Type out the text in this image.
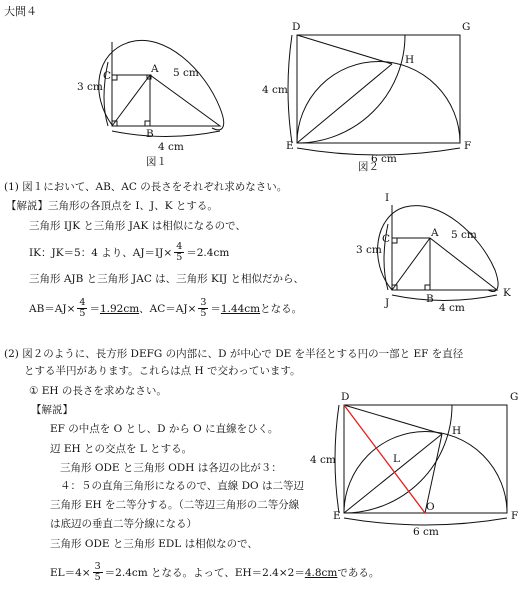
大問４
C
A
B
3 cm
5 cm
4 cm
図１
D	G
H
E	F
4 cm
6 cm
図２
I
C	A
J	B	K
3 cm
5 cm
4 cm
D	G
H
L
O
E	F
4 cm
6 cm
(1) 図１において、AB、AC の長さをそれぞれ求めなさい。
【解説】三角形の各頂点を I、J、K とする。
三角形 IJK と三角形 JAK は相似になるので、
IK：JK＝5：4 より、$AJ=IJ\times \frac{4}{5} =2.4cm$
三角形 AJB と三角形 JAC は、三角形 KIJ と相似だから、
$AB=AJ\times \frac{4}{5} = 1.92cm$ 、$AC=AJ\times \frac{3}{5} = 1.44cm$ となる。
(2) 図２のように、長方形 DEFG の内部に、D が中心で DE を半径とする円の一部と EF を直径
とする半円があります。これらは点 H で交わっています。
① EH の長さを求めなさい。
【解説】
EF の中点を O とし、D から O に直線をひく。
辺 EH との交点を L とする。
三角形 ODE と三角形 ODH は各辺の比が３：
４：５の直角三角形になるので、直線 DO は二等辺
三角形 EH を二等分する。（二等辺三角形の二等分線
は底辺の垂直二等分線になる）
三角形 ODE と三角形 EDL は相似なので、
$EL=4\times \frac{3}{5} =2.4cm$ となる。よって、EH＝2.4×2＝ 4.8cm である。
